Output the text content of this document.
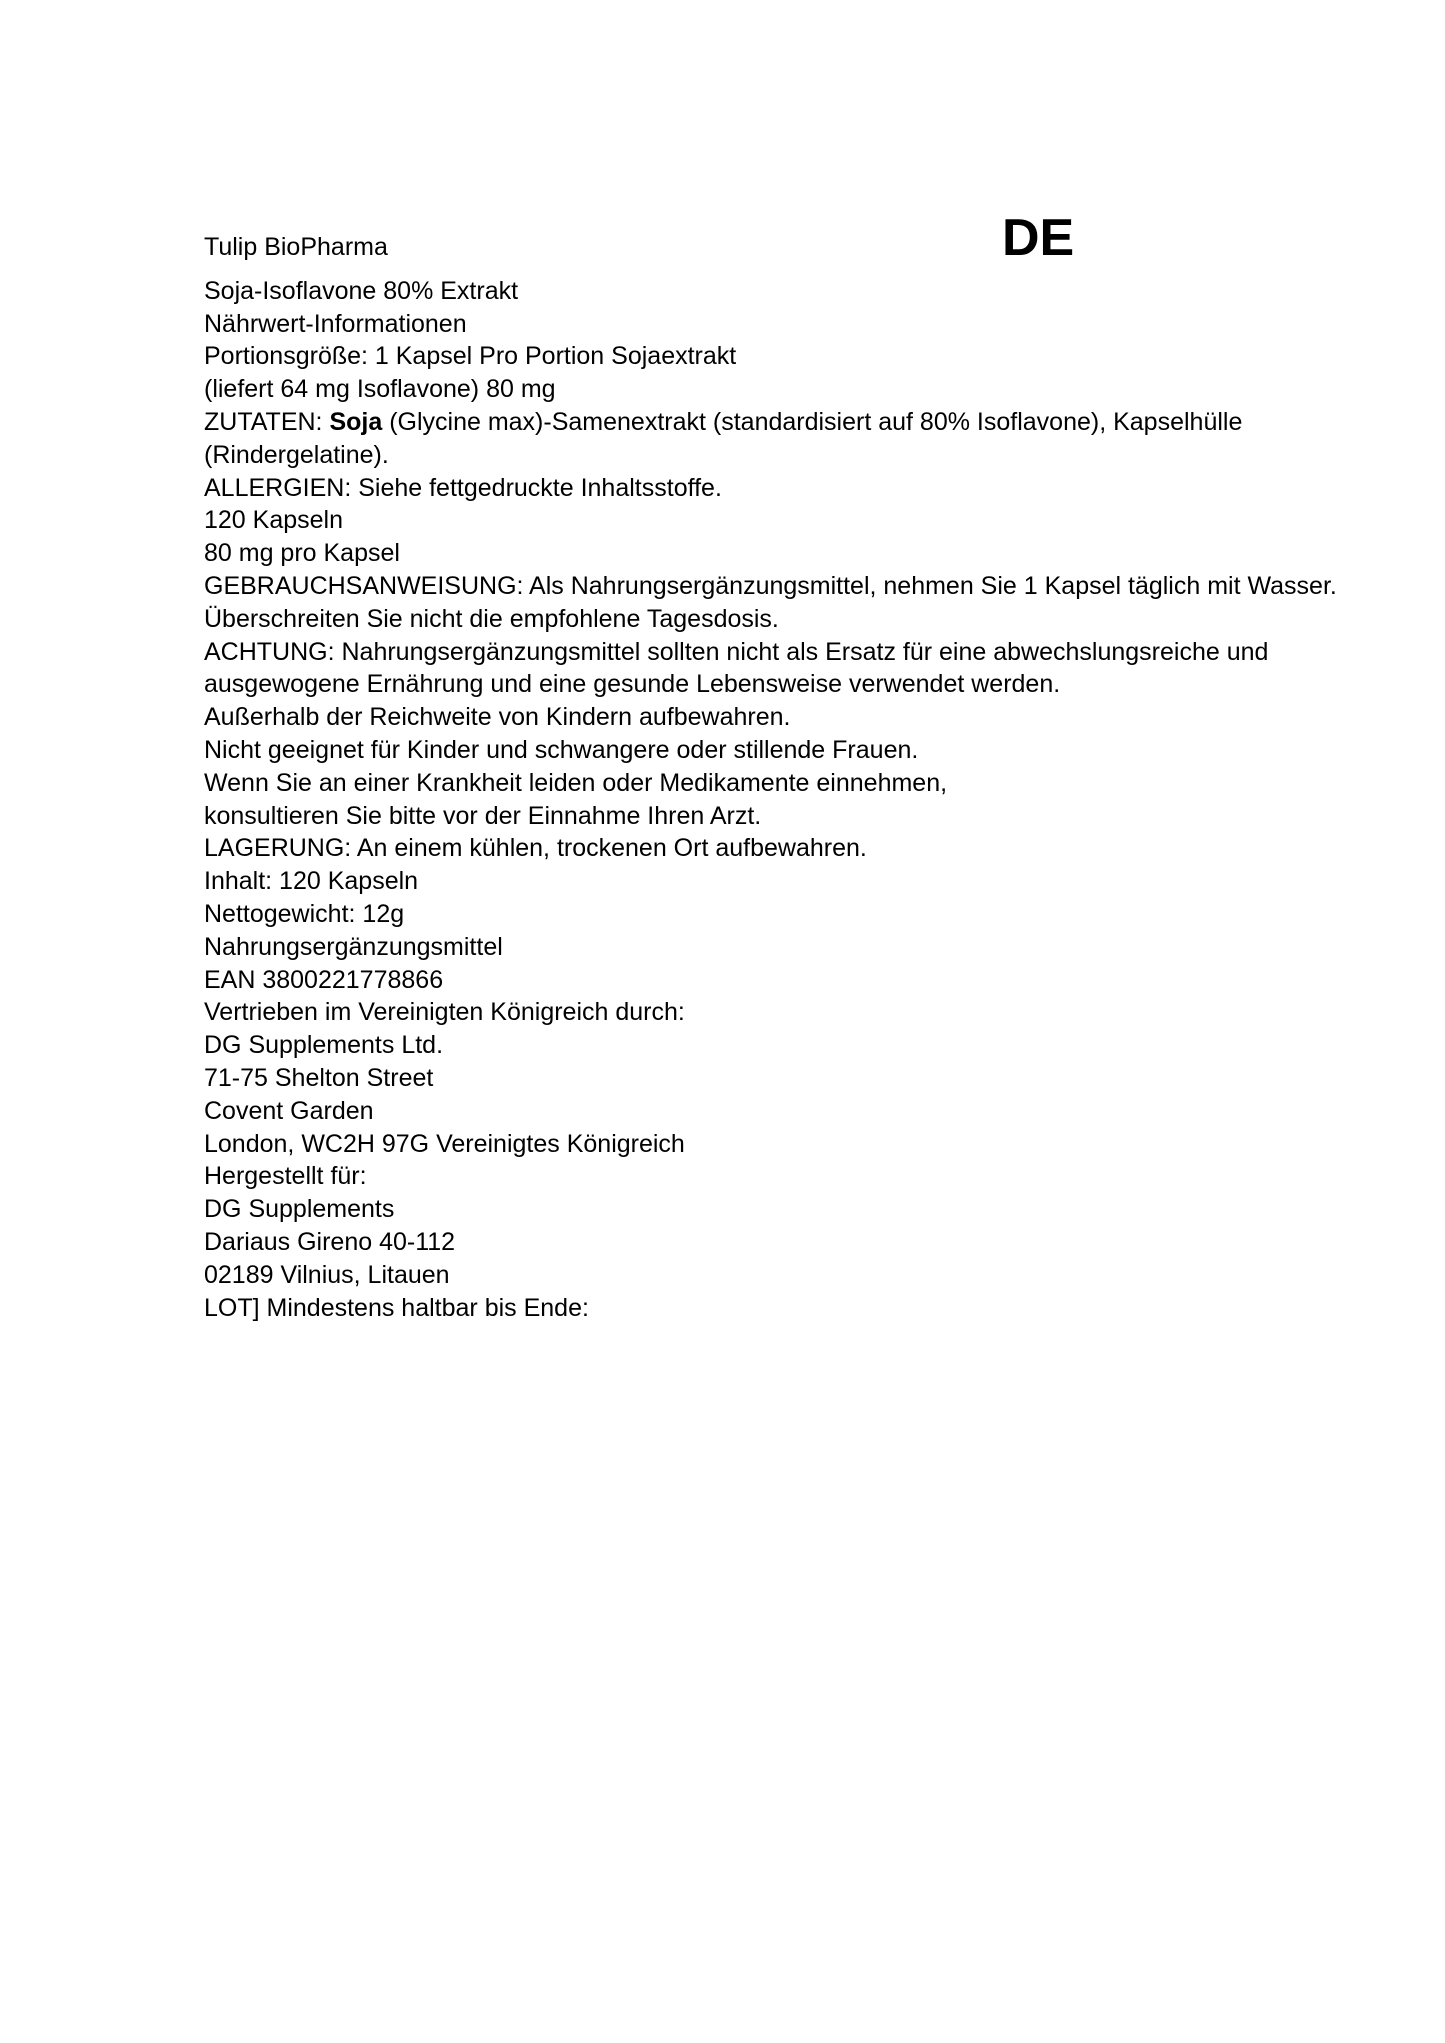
DE
Tulip BioPharma
Soja-Isoflavone 80% Extrakt
Nährwert-Informationen
Portionsgröße: 1 Kapsel Pro Portion Sojaextrakt
(liefert 64 mg Isoflavone) 80 mg
ZUTATEN: Soja (Glycine max)-Samenextrakt (standardisiert auf 80% Isoflavone), Kapselhülle
(Rindergelatine).
ALLERGIEN: Siehe fettgedruckte Inhaltsstoffe.
120 Kapseln
80 mg pro Kapsel
GEBRAUCHSANWEISUNG: Als Nahrungsergänzungsmittel, nehmen Sie 1 Kapsel täglich mit Wasser.
Überschreiten Sie nicht die empfohlene Tagesdosis.
ACHTUNG: Nahrungsergänzungsmittel sollten nicht als Ersatz für eine abwechslungsreiche und
ausgewogene Ernährung und eine gesunde Lebensweise verwendet werden.
Außerhalb der Reichweite von Kindern aufbewahren.
Nicht geeignet für Kinder und schwangere oder stillende Frauen.
Wenn Sie an einer Krankheit leiden oder Medikamente einnehmen,
konsultieren Sie bitte vor der Einnahme Ihren Arzt.
LAGERUNG: An einem kühlen, trockenen Ort aufbewahren.
Inhalt: 120 Kapseln
Nettogewicht: 12g
Nahrungsergänzungsmittel
EAN 3800221778866
Vertrieben im Vereinigten Königreich durch:
DG Supplements Ltd.
71-75 Shelton Street
Covent Garden
London, WC2H 97G Vereinigtes Königreich
Hergestellt für:
DG Supplements
Dariaus Gireno 40-112
02189 Vilnius, Litauen
LOT] Mindestens haltbar bis Ende:
